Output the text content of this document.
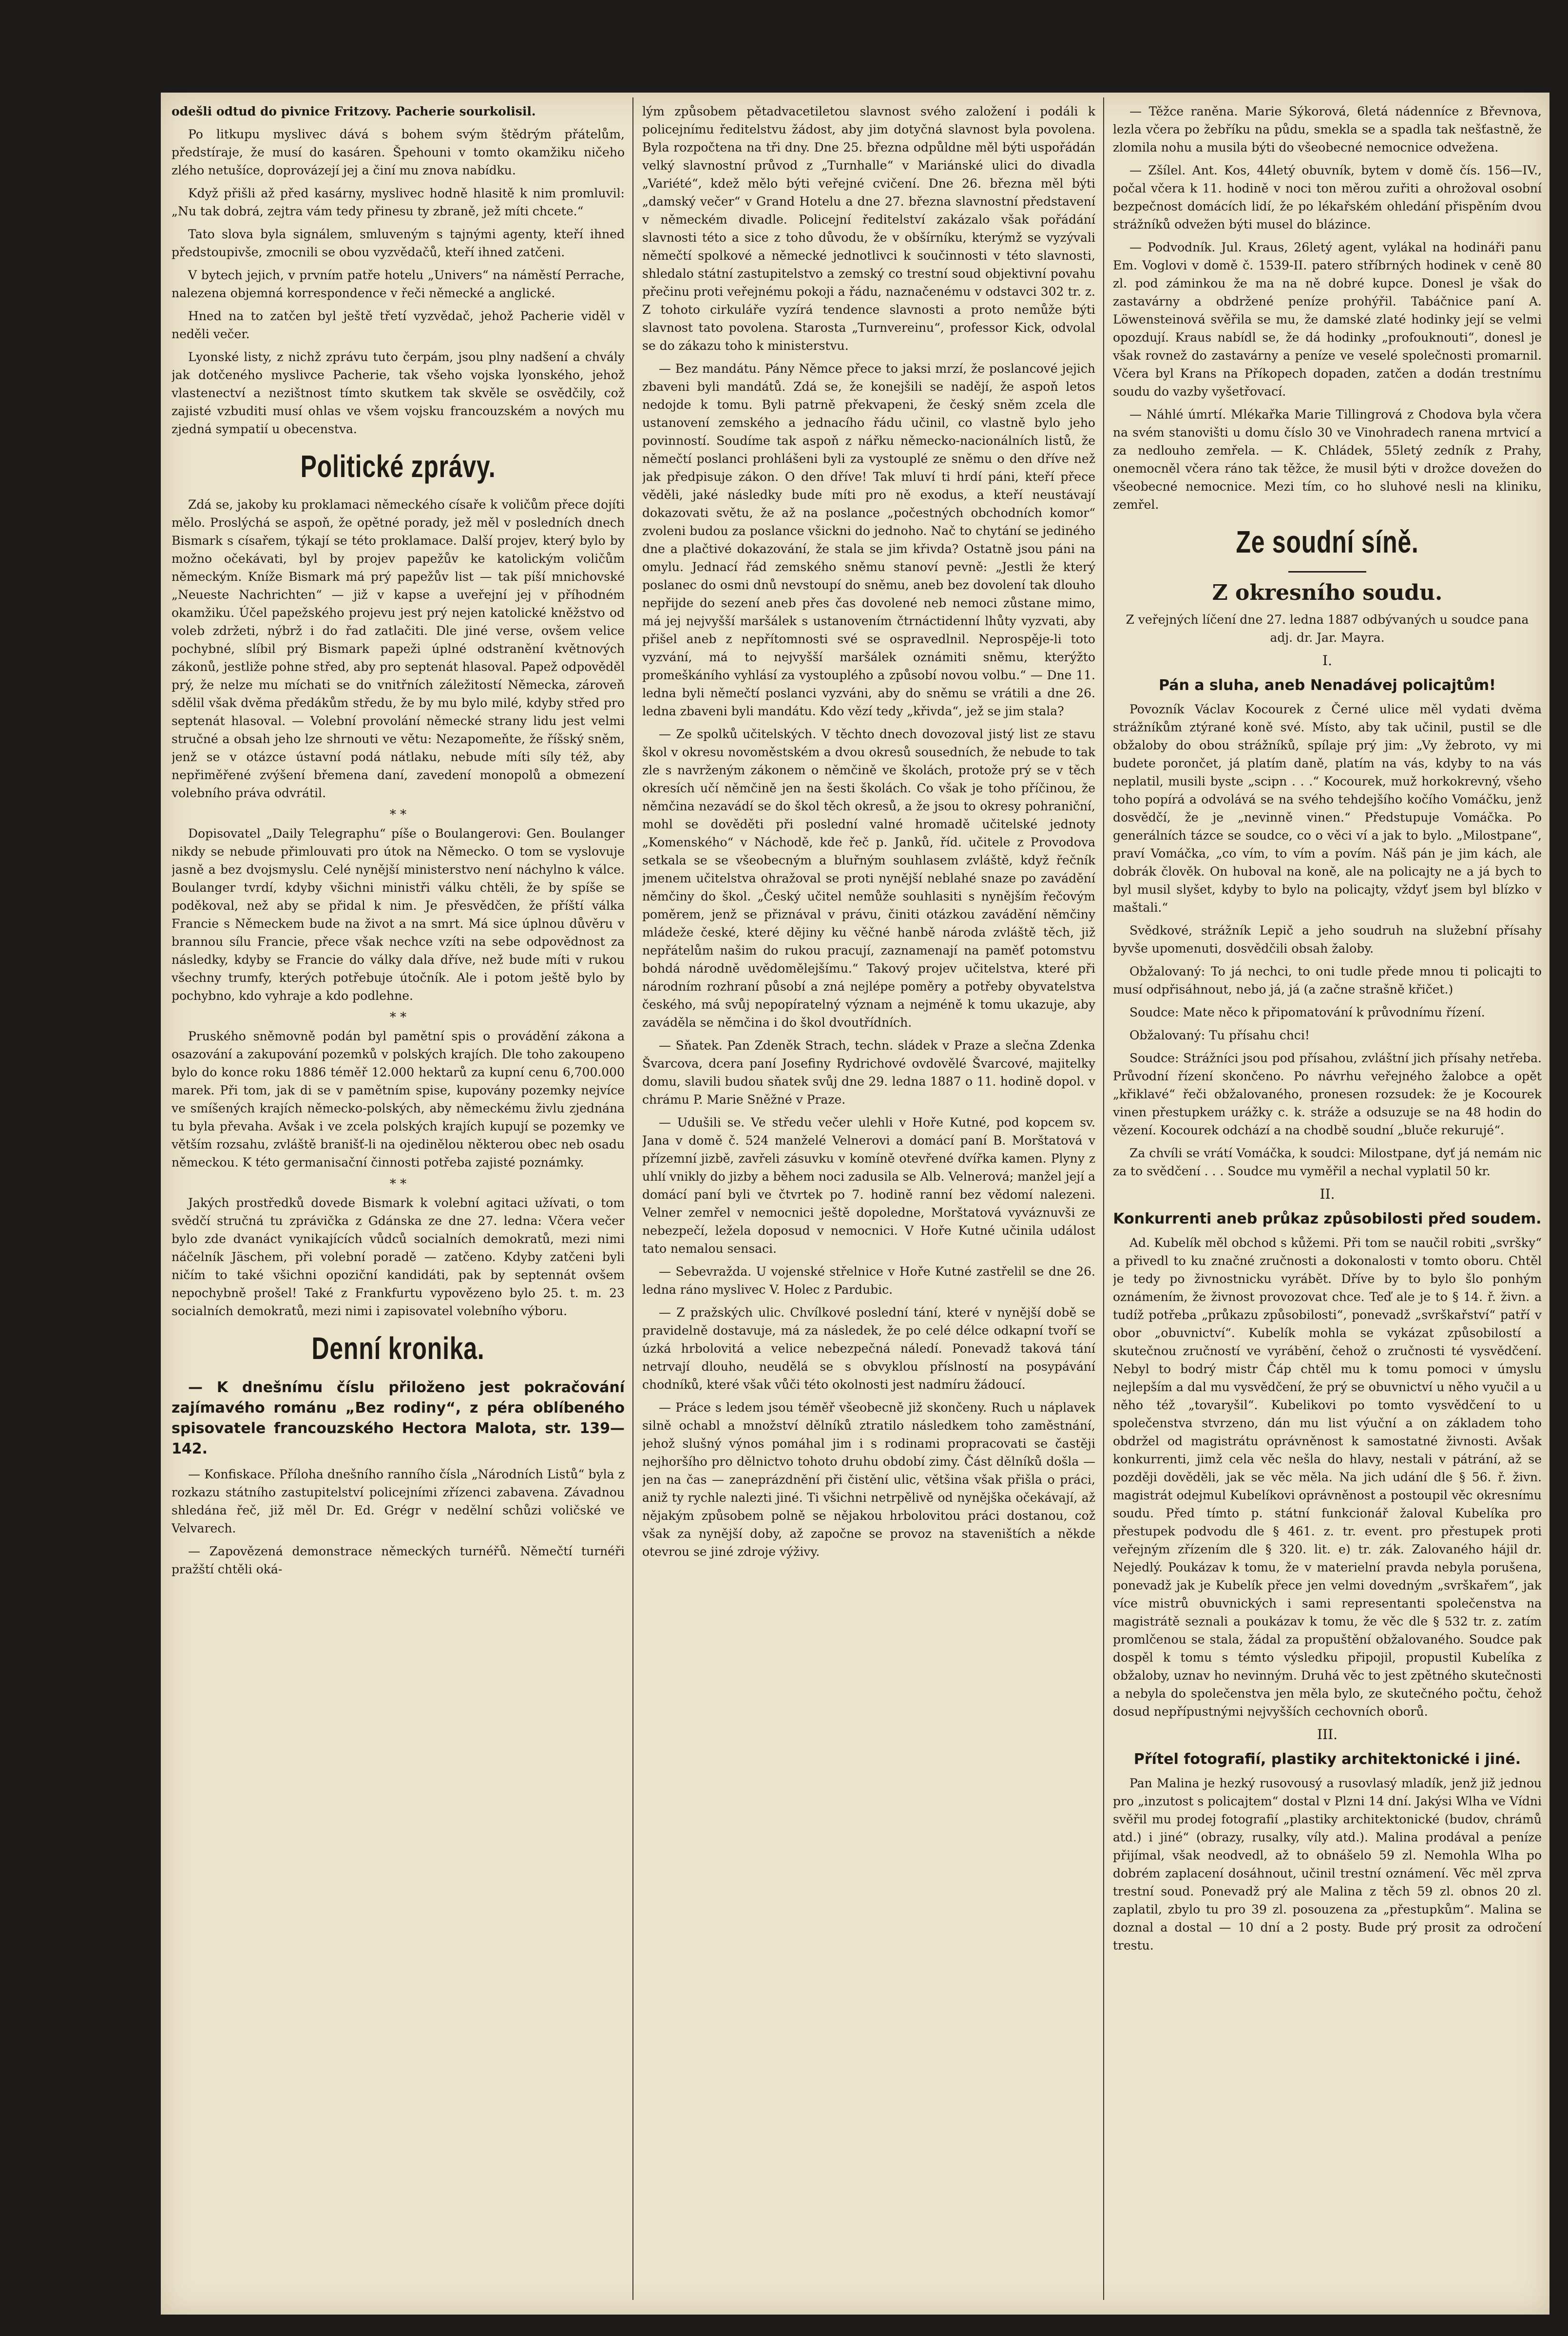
odešli odtud do pivnice Fritzovy. Pacherie sourkolisil.

Po litkupu myslivec dává s bohem svým štědrým přátelům, předstíraje, že musí do kasáren. Špehouni v tomto okamžiku ničeho zlého netušíce, doprovázejí jej a činí mu znova nabídku.

Když přišli až před kasárny, myslivec hodně hlasitě k nim promluvil: „Nu tak dobrá, zejtra vám tedy přinesu ty zbraně, jež míti chcete.“

Tato slova byla signálem, smluveným s tajnými agenty, kteří ihned předstoupivše, zmocnili se obou vyzvědačů, kteří ihned zatčeni.

V bytech jejich, v prvním patře hotelu „Univers“ na náměstí Perrache, nalezena objemná korrespondence v řeči německé a anglické.

Hned na to zatčen byl ještě třetí vyzvědač, jehož Pacherie viděl v neděli večer.

Lyonské listy, z nichž zprávu tuto čerpám, jsou plny nadšení a chvály jak dotčeného myslivce Pacherie, tak všeho vojska lyonského, jehož vlastenectví a nezištnost tímto skutkem tak skvěle se osvědčily, což zajisté vzbuditi musí ohlas ve všem vojsku francouzském a nových mu zjedná sympatií u obecenstva.

Politické zprávy.

Zdá se, jakoby ku proklamaci německého císaře k voličům přece dojíti mělo. Proslýchá se aspoň, že opětné porady, jež měl v posledních dnech Bismark s císařem, týkají se této proklamace. Další projev, který bylo by možno očekávati, byl by projev papežův ke katolickým voličům německým. Kníže Bismark má prý papežův list — tak píší mnichovské „Neueste Nachrichten“ — již v kapse a uveřejní jej v příhodném okamžiku. Účel papežského projevu jest prý nejen katolické kněžstvo od voleb zdržeti, nýbrž i do řad zatlačiti. Dle jiné verse, ovšem velice pochybné, slíbil prý Bismark papeži úplné odstranění květnových zákonů, jestliže pohne střed, aby pro septenát hlasoval. Papež odpověděl prý, že nelze mu míchati se do vnitřních záležitostí Německa, zároveň sdělil však dvěma předákům středu, že by mu bylo milé, kdyby střed pro septenát hlasoval. — Volební provolání německé strany lidu jest velmi stručné a obsah jeho lze shrnouti ve větu: Nezapomeňte, že říšský sněm, jenž se v otázce ústavní podá nátlaku, nebude míti síly též, aby nepřiměřené zvýšení břemena daní, zavedení monopolů a obmezení volebního práva odvrátil.

* *

Dopisovatel „Daily Telegraphu“ píše o Boulangerovi: Gen. Boulanger nikdy se nebude přimlouvati pro útok na Německo. O tom se vyslovuje jasně a bez dvojsmyslu. Celé nynější ministerstvo není náchylno k válce. Boulanger tvrdí, kdyby všichni ministři válku chtěli, že by spíše se poděkoval, než aby se přidal k nim. Je přesvědčen, že příští válka Francie s Německem bude na život a na smrt. Má sice úplnou důvěru v brannou sílu Francie, přece však nechce vzíti na sebe odpovědnost za následky, kdyby se Francie do války dala dříve, než bude míti v rukou všechny trumfy, kterých potřebuje útočník. Ale i potom ještě bylo by pochybno, kdo vyhraje a kdo podlehne.

* *

Pruského sněmovně podán byl pamětní spis o provádění zákona a osazování a zakupování pozemků v polských krajích. Dle toho zakoupeno bylo do konce roku 1886 téměř 12.000 hektarů za kupní cenu 6,700.000 marek. Při tom, jak di se v pamětním spise, kupovány pozemky nejvíce ve smíšených krajích německo-polských, aby německému živlu zjednána tu byla převaha. Avšak i ve zcela polských krajích kupují se pozemky ve větším rozsahu, zvláště branišť-li na ojedinělou některou obec neb osadu německou. K této germanisační činnosti potřeba zajisté poznámky.

* *

Jakých prostředků dovede Bismark k volební agitaci užívati, o tom svědčí stručná tu zprávička z Gdánska ze dne 27. ledna: Včera večer bylo zde dvanáct vynikajících vůdců socialních demokratů, mezi nimi náčelník Jäschem, při volební poradě — zatčeno. Kdyby zatčeni byli ničím to také všichni opoziční kandidáti, pak by septennát ovšem nepochybně prošel! Také z Frankfurtu vypovězeno bylo 25. t. m. 23 socialních demokratů, mezi nimi i zapisovatel volebního výboru.

Denní kronika.

— K dnešnímu číslu přiloženo jest pokračování zajímavého románu „Bez rodiny“, z péra oblíbeného spisovatele francouzského Hectora Malota, str. 139—142.

— Konfiskace. Příloha dnešního ranního čísla „Národních Listů“ byla z rozkazu státního zastupitelství policejními zřízenci zabavena. Závadnou shledána řeč, již měl Dr. Ed. Grégr v nedělní schůzi voličské ve Velvarech.

— Zapovězená demonstrace německých turnéřů. Němečtí turnéři pražští chtěli oká-

lým způsobem pětadvacetiletou slavnost svého založení i podáli k policejnímu ředitelstvu žádost, aby jim dotyčná slavnost byla povolena. Byla rozpočtena na tři dny. Dne 25. března odpůldne měl býti uspořádán velký slavnostní průvod z „Turnhalle“ v Mariánské ulici do divadla „Variété“, kdež mělo býti veřejné cvičení. Dne 26. března měl býti „damský večer“ v Grand Hotelu a dne 27. března slavnostní představení v německém divadle. Policejní ředitelství zakázalo však pořádání slavnosti této a sice z toho důvodu, že v obšírníku, kterýmž se vyzývali němečtí spolkové a německé jednotlivci k součinnosti v této slavnosti, shledalo státní zastupitelstvo a zemský co trestní soud objektivní povahu přečinu proti veřejnému pokoji a řádu, naznačenému v odstavci 302 tr. z. Z tohoto cirkuláře vyzírá tendence slavnosti a proto nemůže býti slavnost tato povolena. Starosta „Turnvereinu“, professor Kick, odvolal se do zákazu toho k ministerstvu.

— Bez mandátu. Pány Němce přece to jaksi mrzí, že poslancové jejich zbaveni byli mandátů. Zdá se, že konejšili se nadějí, že aspoň letos nedojde k tomu. Byli patrně překvapeni, že český sněm zcela dle ustanovení zemského a jednacího řádu učinil, co vlastně bylo jeho povinností. Soudíme tak aspoň z nářku německo-nacionálních listů, že němečtí poslanci prohlášeni byli za vystouplé ze sněmu o den dříve než jak předpisuje zákon. O den dříve! Tak mluví ti hrdí páni, kteří přece věděli, jaké následky bude míti pro ně exodus, a kteří neustávají dokazovati světu, že až na poslance „počestných obchodních komor“ zvoleni budou za poslance všickni do jednoho. Nač to chytání se jediného dne a plačtivé dokazování, že stala se jim křivda? Ostatně jsou páni na omylu. Jednací řád zemského sněmu stanoví pevně: „Jestli že který poslanec do osmi dnů nevstoupí do sněmu, aneb bez dovolení tak dlouho nepřijde do sezení aneb přes čas dovolené neb nemoci zůstane mimo, má jej nejvyšší maršálek s ustanovením čtrnáctidenní lhůty vyzvati, aby přišel aneb z nepřítomnosti své se ospravedlnil. Neprospěje-li toto vyzvání, má to nejvyšší maršálek oznámiti sněmu, kterýžto promeškáního vyhlásí za vystouplého a způsobí novou volbu.“ — Dne 11. ledna byli němečtí poslanci vyzváni, aby do sněmu se vrátili a dne 26. ledna zbaveni byli mandátu. Kdo vězí tedy „křivda“, jež se jim stala?

— Ze spolků učitelských. V těchto dnech dovozoval jistý list ze stavu škol v okresu novoměstském a dvou okresů sousedních, že nebude to tak zle s navrženým zákonem o němčině ve školách, protože prý se v těch okresích učí němčině jen na šesti školách. Co však je toho příčinou, že němčina nezavádí se do škol těch okresů, a že jsou to okresy pohraniční, mohl se dověděti při poslední valné hromadě učitelské jednoty „Komenského“ v Náchodě, kde řeč p. Janků, říd. učitele z Provodova setkala se se všeobecným a bluřným souhlasem zvláště, když řečník jmenem učitelstva ohražoval se proti nynější neblahé snaze po zavádění němčiny do škol. „Český učitel nemůže souhlasiti s nynějším řečovým poměrem, jenž se přiznával v právu, činiti otázkou zavádění němčiny mládeže české, které dějiny ku věčné hanbě národa zvláště těch, již nepřátelům našim do rukou pracují, zaznamenají na paměť potomstvu bohdá národně uvědomělejšímu.“ Takový projev učitelstva, které při národním rozhraní působí a zná nejlépe poměry a potřeby obyvatelstva českého, má svůj nepopíratelný význam a nejméně k tomu ukazuje, aby zaváděla se němčina i do škol dvoutřídních.

— Sňatek. Pan Zdeněk Strach, techn. sládek v Praze a slečna Zdenka Švarcova, dcera paní Josefiny Rydrichové ovdovělé Švarcové, majitelky domu, slavili budou sňatek svůj dne 29. ledna 1887 o 11. hodině dopol. v chrámu P. Marie Sněžné v Praze.

— Udušili se. Ve středu večer ulehli v Hoře Kutné, pod kopcem sv. Jana v domě č. 524 manželé Velnerovi a domácí paní B. Morštatová v přízemní jizbě, zavřeli zásuvku v komíně otevřené dvířka kamen. Plyny z uhlí vnikly do jizby a během noci zadusila se Alb. Velnerová; manžel její a domácí paní byli ve čtvrtek po 7. hodině ranní bez vědomí nalezeni. Velner zemřel v nemocnici ještě dopoledne, Morštatová vyváznuvši ze nebezpečí, ležela doposud v nemocnici. V Hoře Kutné učinila událost tato nemalou sensaci.

— Sebevražda. U vojenské střelnice v Hoře Kutné zastřelil se dne 26. ledna ráno myslivec V. Holec z Pardubic.

— Z pražských ulic. Chvílkové poslední tání, které v nynější době se pravidelně dostavuje, má za následek, že po celé délce odkapní tvoří se úzká hrbolovitá a velice nebezpečná náledí. Ponevadž taková tání netrvají dlouho, neudělá se s obvyklou příslností na posypávání chodníků, které však vůči této okolnosti jest nadmíru žádoucí.

— Práce s ledem jsou téměř všeobecně již skončeny. Ruch u náplavek silně ochabl a množství dělníků ztratilo následkem toho zaměstnání, jehož slušný výnos pomáhal jim i s rodinami propracovati se častěji nejhoršího pro dělnictvo tohoto druhu období zimy. Část dělníků došla — jen na čas — zaneprázdnění při čistění ulic, většina však přišla o práci, aniž ty rychle nalezti jiné. Ti všichni netrpělivě od nynějška očekávají, až nějakým způsobem polně se nějakou hrbolovitou práci dostanou, což však za nynější doby, až započne se provoz na staveništích a někde otevrou se jiné zdroje výživy.

— Těžce raněna. Marie Sýkorová, 6letá nádenníce z Břevnova, lezla včera po žebříku na půdu, smekla se a spadla tak nešťastně, že zlomila nohu a musila býti do všeobecné nemocnice odvežena.

— Zšílel. Ant. Kos, 44letý obuvník, bytem v domě čís. 156—IV., počal včera k 11. hodině v noci ton měrou zuřiti a ohrožoval osobní bezpečnost domácích lidí, že po lékařském ohledání přispěním dvou strážníků odvežen býti musel do blázince.

— Podvodník. Jul. Kraus, 26letý agent, vylákal na hodináři panu Em. Voglovi v domě č. 1539-II. patero stříbrných hodinek v ceně 80 zl. pod záminkou že ma na ně dobré kupce. Donesl je však do zastavárny a obdržené peníze prohýřil. Tabáčnice paní A. Löwensteinová svěřila se mu, že damské zlaté hodinky její se velmi opozdují. Kraus nabídl se, že dá hodinky „profouknouti“, donesl je však rovnež do zastavárny a peníze ve veselé společnosti promarnil. Včera byl Krans na Příkopech dopaden, zatčen a dodán trestnímu soudu do vazby vyšetřovací.

— Náhlé úmrtí. Mlékařka Marie Tillingrová z Chodova byla včera na svém stanovišti u domu číslo 30 ve Vinohradech ranena mrtvicí a za nedlouho zemřela. — K. Chládek, 55letý zedník z Prahy, onemocněl včera ráno tak těžce, že musil býti v drožce dovežen do všeobecné nemocnice. Mezi tím, co ho sluhové nesli na kliniku, zemřel.

Ze soudní síně.
Z okresního soudu.

Z veřejných líčení dne 27. ledna 1887 odbývaných u soudce pana adj. dr. Jar. Mayra.

I.
Pán a sluha, aneb Nenadávej policajtům!

Povozník Václav Kocourek z Černé ulice měl vydati dvěma strážníkům ztýrané koně své. Místo, aby tak učinil, pustil se dle obžaloby do obou strážníků, spílaje prý jim: „Vy žebroto, vy mi budete porončet, já platím daně, platím na vás, kdyby to na vás neplatil, musili byste „scipn . . .“ Kocourek, muž horkokrevný, všeho toho popírá a odvolává se na svého tehdejšího kočího Vomáčku, jenž dosvědčí, že je „nevinně vinen.“ Předstupuje Vomáčka. Po generálních tázce se soudce, co o věci ví a jak to bylo. „Milostpane“, praví Vomáčka, „co vím, to vím a povím. Náš pán je jim kách, ale dobrák člověk. On huboval na koně, ale na policajty ne a já bych to byl musil slyšet, kdyby to bylo na policajty, vždyť jsem byl blízko v maštali.“

Svědkové, strážník Lepič a jeho soudruh na služební přísahy byvše upomenuti, dosvědčili obsah žaloby.

Obžalovaný: To já nechci, to oni tudle přede mnou ti policajti to musí odpřisáhnout, nebo já, já (a začne strašně křičet.)

Soudce: Mate něco k připomatování k průvodnímu řízení.

Obžalovaný: Tu přísahu chci!

Soudce: Strážníci jsou pod přísahou, zvláštní jich přísahy netřeba. Průvodní řízení skončeno. Po návrhu veřejného žalobce a opět „křiklavé“ řeči obžalovaného, pronesen rozsudek: že je Kocourek vinen přestupkem urážky c. k. stráže a odsuzuje se na 48 hodin do vězení. Kocourek odchází a na chodbě soudní „bluče rekurujé“.

Za chvíli se vrátí Vomáčka, k soudci: Milostpane, dyť já nemám nic za to svědčení . . . Soudce mu vyměřil a nechal vyplatil 50 kr.

II.
Konkurrenti aneb průkaz způsobilosti před soudem.

Ad. Kubelík měl obchod s kůžemi. Při tom se naučil robiti „svršky“ a přivedl to ku značné zručnosti a dokonalosti v tomto oboru. Chtěl je tedy po živnostnicku vyrábět. Dříve by to bylo šlo ponhým oznámením, že živnost provozovat chce. Teď ale je to § 14. ř. živn. a tudíž potřeba „průkazu způsobilosti“, ponevadž „svrškařství“ patří v obor „obuvnictví“. Kubelík mohla se vykázat způsobilostí a skutečnou zručností ve vyrábění, čehož o zručnosti té vysvědčení. Nebyl to bodrý mistr Čáp chtěl mu k tomu pomoci v úmyslu nejlepším a dal mu vysvědčení, že prý se obuvnictví u něho vyučil a u něho též „tovaryšil“. Kubelikovi po tomto vysvědčení to u společenstva stvrzeno, dán mu list výuční a on základem toho obdržel od magistrátu oprávněnost k samostatné živnosti. Avšak konkurrenti, jimž cela věc nešla do hlavy, nestali v pátrání, až se později dověděli, jak se věc měla. Na jich udání dle § 56. ř. živn. magistrát odejmul Kubelíkovi oprávněnost a postoupil věc okresnímu soudu. Před tímto p. státní funkcionář žaloval Kubelíka pro přestupek podvodu dle § 461. z. tr. event. pro přestupek proti veřejným zřízením dle § 320. lit. e) tr. zák. Zalovaného hájil dr. Nejedlý. Poukázav k tomu, že v materielní pravda nebyla porušena, ponevadž jak je Kubelík přece jen velmi dovedným „svrškařem“, jak více mistrů obuvnických i sami representanti společenstva na magistrátě seznali a poukázav k tomu, že věc dle § 532 tr. z. zatím promlčenou se stala, žádal za propuštění obžalovaného. Soudce pak dospěl k tomu s témto výsledku připojil, propustil Kubelíka z obžaloby, uznav ho nevinným. Druhá věc to jest zpětného skutečnosti a nebyla do společenstva jen měla bylo, ze skutečného počtu, čehož dosud nepřípustnými nejvyšších cechovních oborů.

III.
Přítel fotografií, plastiky architektonické i jiné.

Pan Malina je hezký rusovousý a rusovlasý mladík, jenž již jednou pro „inzutost s policajtem“ dostal v Plzni 14 dní. Jakýsi Wlha ve Vídni svěřil mu prodej fotografií „plastiky architektonické (budov, chrámů atd.) i jiné“ (obrazy, rusalky, víly atd.). Malina prodával a peníze přijímal, však neodvedl, až to obnášelo 59 zl. Nemohla Wlha po dobrém zaplacení dosáhnout, učinil trestní oznámení. Věc měl zprva trestní soud. Ponevadž prý ale Malina z těch 59 zl. obnos 20 zl. zaplatil, zbylo tu pro 39 zl. posouzena za „přestupkům“. Malina se doznal a dostal — 10 dní a 2 posty. Bude prý prosit za odročení trestu.
